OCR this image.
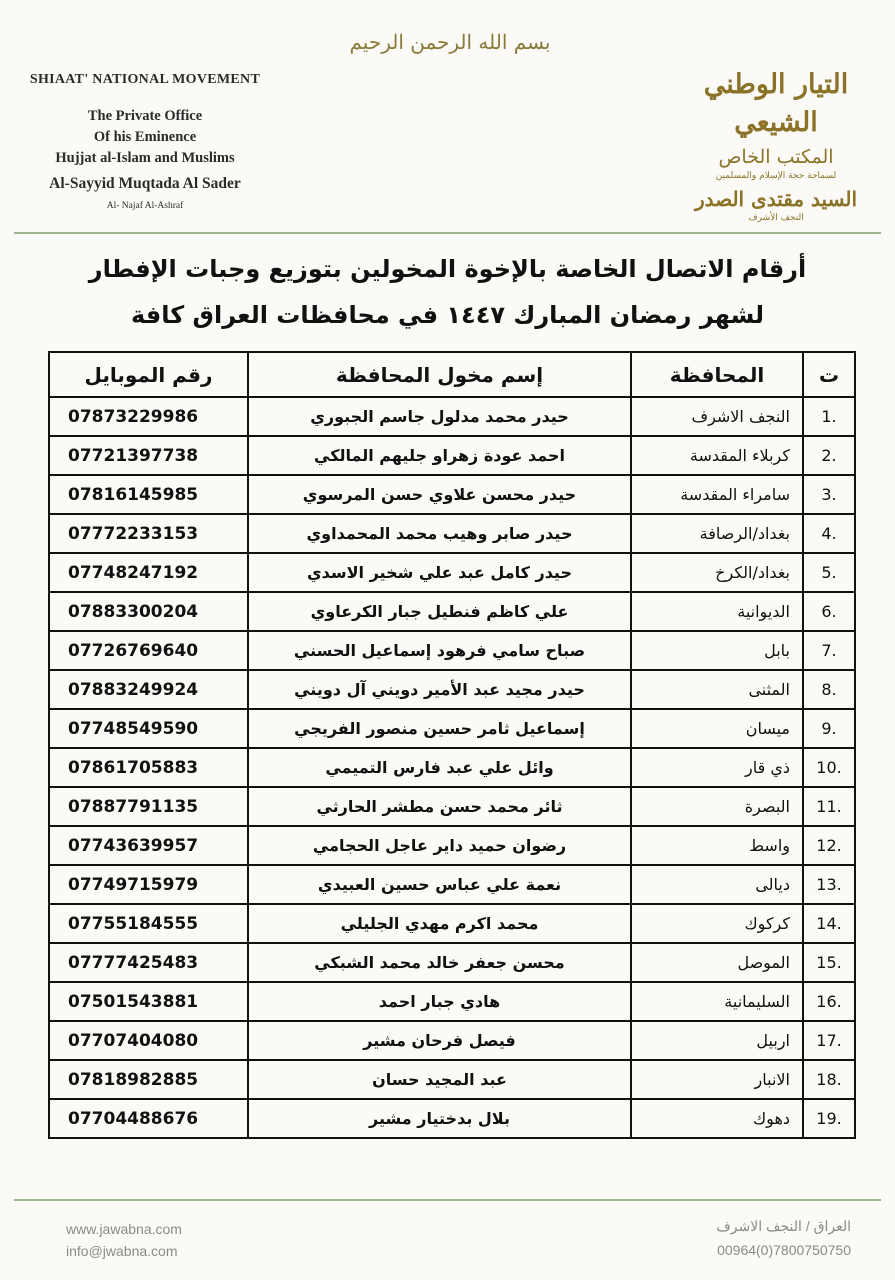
بسم الله الرحمن الرحيم
SHIAAT' NATIONAL MOVEMENT
The Private Office
Of his Eminence
Hujjat al-Islam and Muslims
Al-Sayyid Muqtada Al Sader
Al- Najaf Al-Ashraf
التيار الوطني الشيعي
المكتب الخاص
لسماحة حجة الإسلام والمسلمين
السيد مقتدى الصدر
النجف الأشرف
أرقام الاتصال الخاصة بالإخوة المخولين بتوزيع وجبات الإفطار
لشهر رمضان المبارك ١٤٤٧ في محافظات العراق كافة
ت	المحافظة	إسم مخول المحافظة	رقم الموبايل
1.	النجف الاشرف	حيدر محمد مدلول جاسم الجبوري	07873229986
2.	كربلاء المقدسة	احمد عودة زهراو جليهم المالكي	07721397738
3.	سامراء المقدسة	حيدر محسن علاوي حسن المرسوي	07816145985
4.	بغداد/الرصافة	حيدر صابر وهيب محمد المحمداوي	07772233153
5.	بغداد/الكرخ	حيدر كامل عبد علي شخير الاسدي	07748247192
6.	الديوانية	علي كاظم فنطيل جبار الكرعاوي	07883300204
7.	بابل	صباح سامي فرهود إسماعيل الحسني	07726769640
8.	المثنى	حيدر مجيد عبد الأمير دويني آل دويني	07883249924
9.	ميسان	إسماعيل ثامر حسين منصور الفريجي	07748549590
10.	ذي قار	وائل علي عبد فارس التميمي	07861705883
11.	البصرة	ثائر محمد حسن مطشر الحارثي	07887791135
12.	واسط	رضوان حميد داير عاجل الحجامي	07743639957
13.	ديالى	نعمة علي عباس حسين العبيدي	07749715979
14.	كركوك	محمد اكرم مهدي الجليلي	07755184555
15.	الموصل	محسن جعفر خالد محمد الشبكي	07777425483
16.	السليمانية	هادي جبار احمد	07501543881
17.	اربيل	فيصل فرحان مشير	07707404080
18.	الانبار	عبد المجيد حسان	07818982885
19.	دهوك	بلال بدختيار مشير	07704488676
www.jawabna.com
info@jwabna.com
العراق / النجف الاشرف
00964(0)7800750750
